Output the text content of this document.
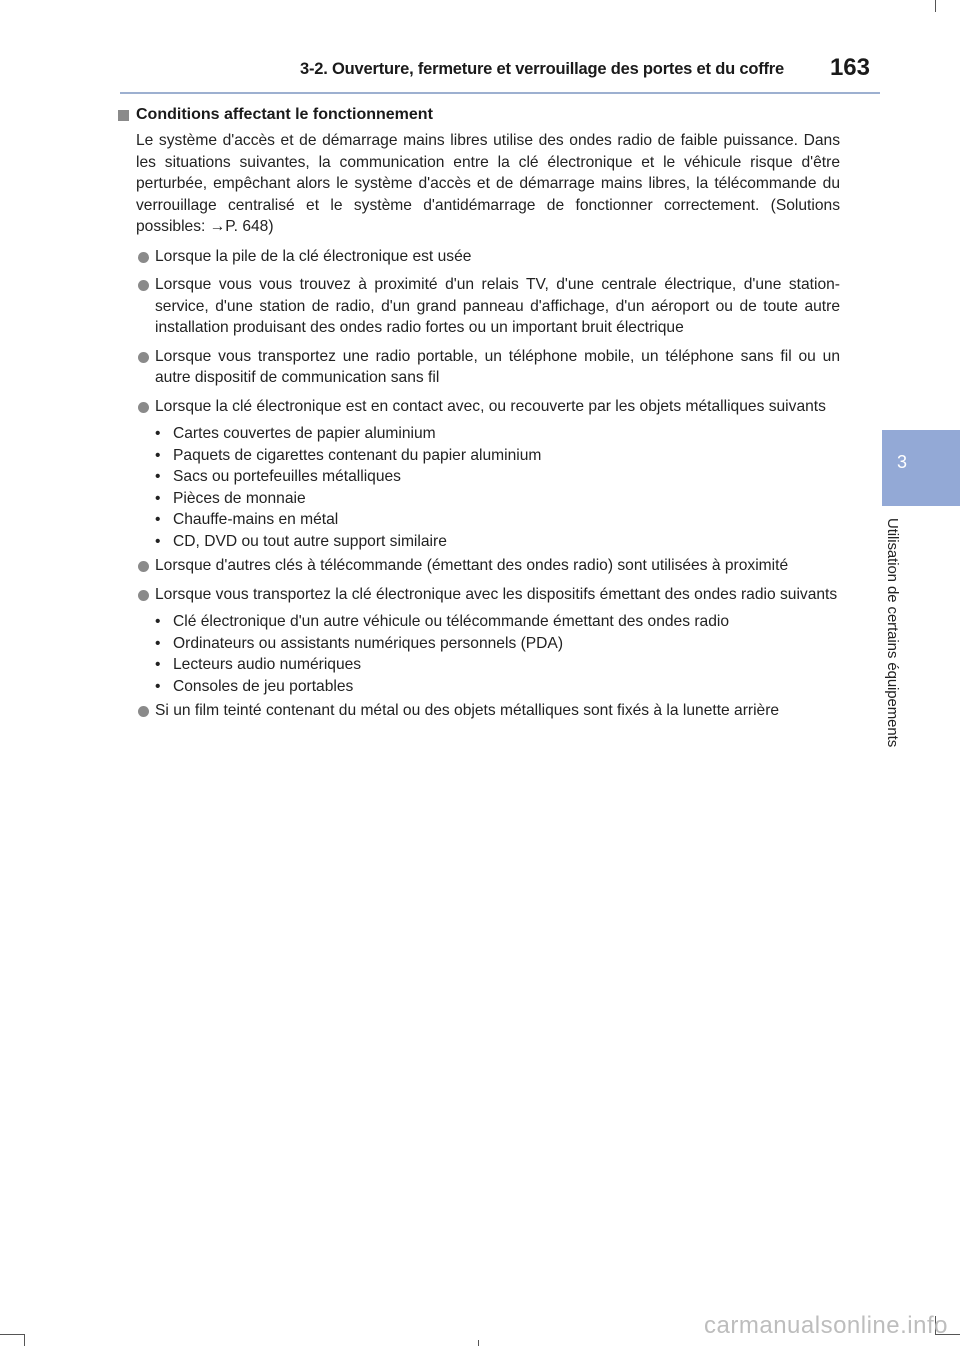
3-2. Ouverture, fermeture et verrouillage des portes et du coffre 163
3
Utilisation de certains équipements
Conditions affectant le fonctionnement

Le système d'accès et de démarrage mains libres utilise des ondes radio de faible puissance. Dans les situations suivantes, la communication entre la clé électronique et le véhicule risque d'être perturbée, empêchant alors le système d'accès et de démarrage mains libres, la télécommande du verrouillage centralisé et le système d'antidémarrage de fonctionner correctement. (Solutions possibles: →P. 648)

Lorsque la pile de la clé électronique est usée
Lorsque vous vous trouvez à proximité d'un relais TV, d'une centrale électrique, d'une station-service, d'une station de radio, d'un grand panneau d'affichage, d'un aéroport ou de toute autre installation produisant des ondes radio fortes ou un important bruit électrique
Lorsque vous transportez une radio portable, un téléphone mobile, un téléphone sans fil ou un autre dispositif de communication sans fil
Lorsque la clé électronique est en contact avec, ou recouverte par les objets métalliques suivants
• Cartes couvertes de papier aluminium
• Paquets de cigarettes contenant du papier aluminium
• Sacs ou portefeuilles métalliques
• Pièces de monnaie
• Chauffe-mains en métal
• CD, DVD ou tout autre support similaire
Lorsque d'autres clés à télécommande (émettant des ondes radio) sont utilisées à proximité
Lorsque vous transportez la clé électronique avec les dispositifs émettant des ondes radio suivants
• Clé électronique d'un autre véhicule ou télécommande émettant des ondes radio
• Ordinateurs ou assistants numériques personnels (PDA)
• Lecteurs audio numériques
• Consoles de jeu portables
Si un film teinté contenant du métal ou des objets métalliques sont fixés à la lunette arrière
carmanualsonline.info
